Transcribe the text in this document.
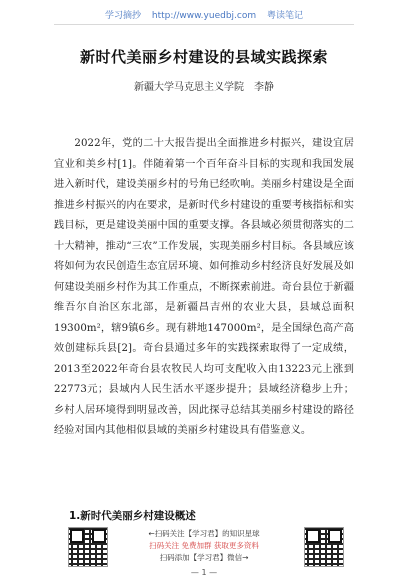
学习摘抄 http://www.yuedbj.com 粤读笔记
新时代美丽乡村建设的县域实践探索
新疆大学马克思主义学院　李静
2022年，党的二十大报告提出全面推进乡村振兴，建设宜居宜业和美乡村[1]。伴随着第一个百年奋斗目标的实现和我国发展进入新时代，建设美丽乡村的号角已经吹响。美丽乡村建设是全面推进乡村振兴的内在要求，是新时代乡村建设的重要考核指标和实践目标，更是建设美丽中国的重要支撑。各县域必须贯彻落实的二十大精神，推动“三农”工作发展，实现美丽乡村目标。各县域应该将如何为农民创造生态宜居环境、如何推动乡村经济良好发展及如何建设美丽乡村作为其工作重点，不断探索前进。奇台县位于新疆维吾尔自治区东北部，是新疆昌吉州的农业大县，县域总面积19300m²，辖9镇6乡。现有耕地147000m²，是全国绿色高产高效创建标兵县[2]。奇台县通过多年的实践探索取得了一定成绩，2013至2022年奇台县农牧民人均可支配收入由13223元上涨到22773元；县域内人民生活水平逐步提升；县域经济稳步上升；乡村人居环境得到明显改善，因此探寻总结其美丽乡村建设的路径经验对国内其他相似县域的美丽乡村建设具有借鉴意义。
1.新时代美丽乡村建设概述
←扫码关注【学习君】的知识星球
扫码关注 免费加群 获取更多资料
扫码添加【学习君】微信→
— 1 —
